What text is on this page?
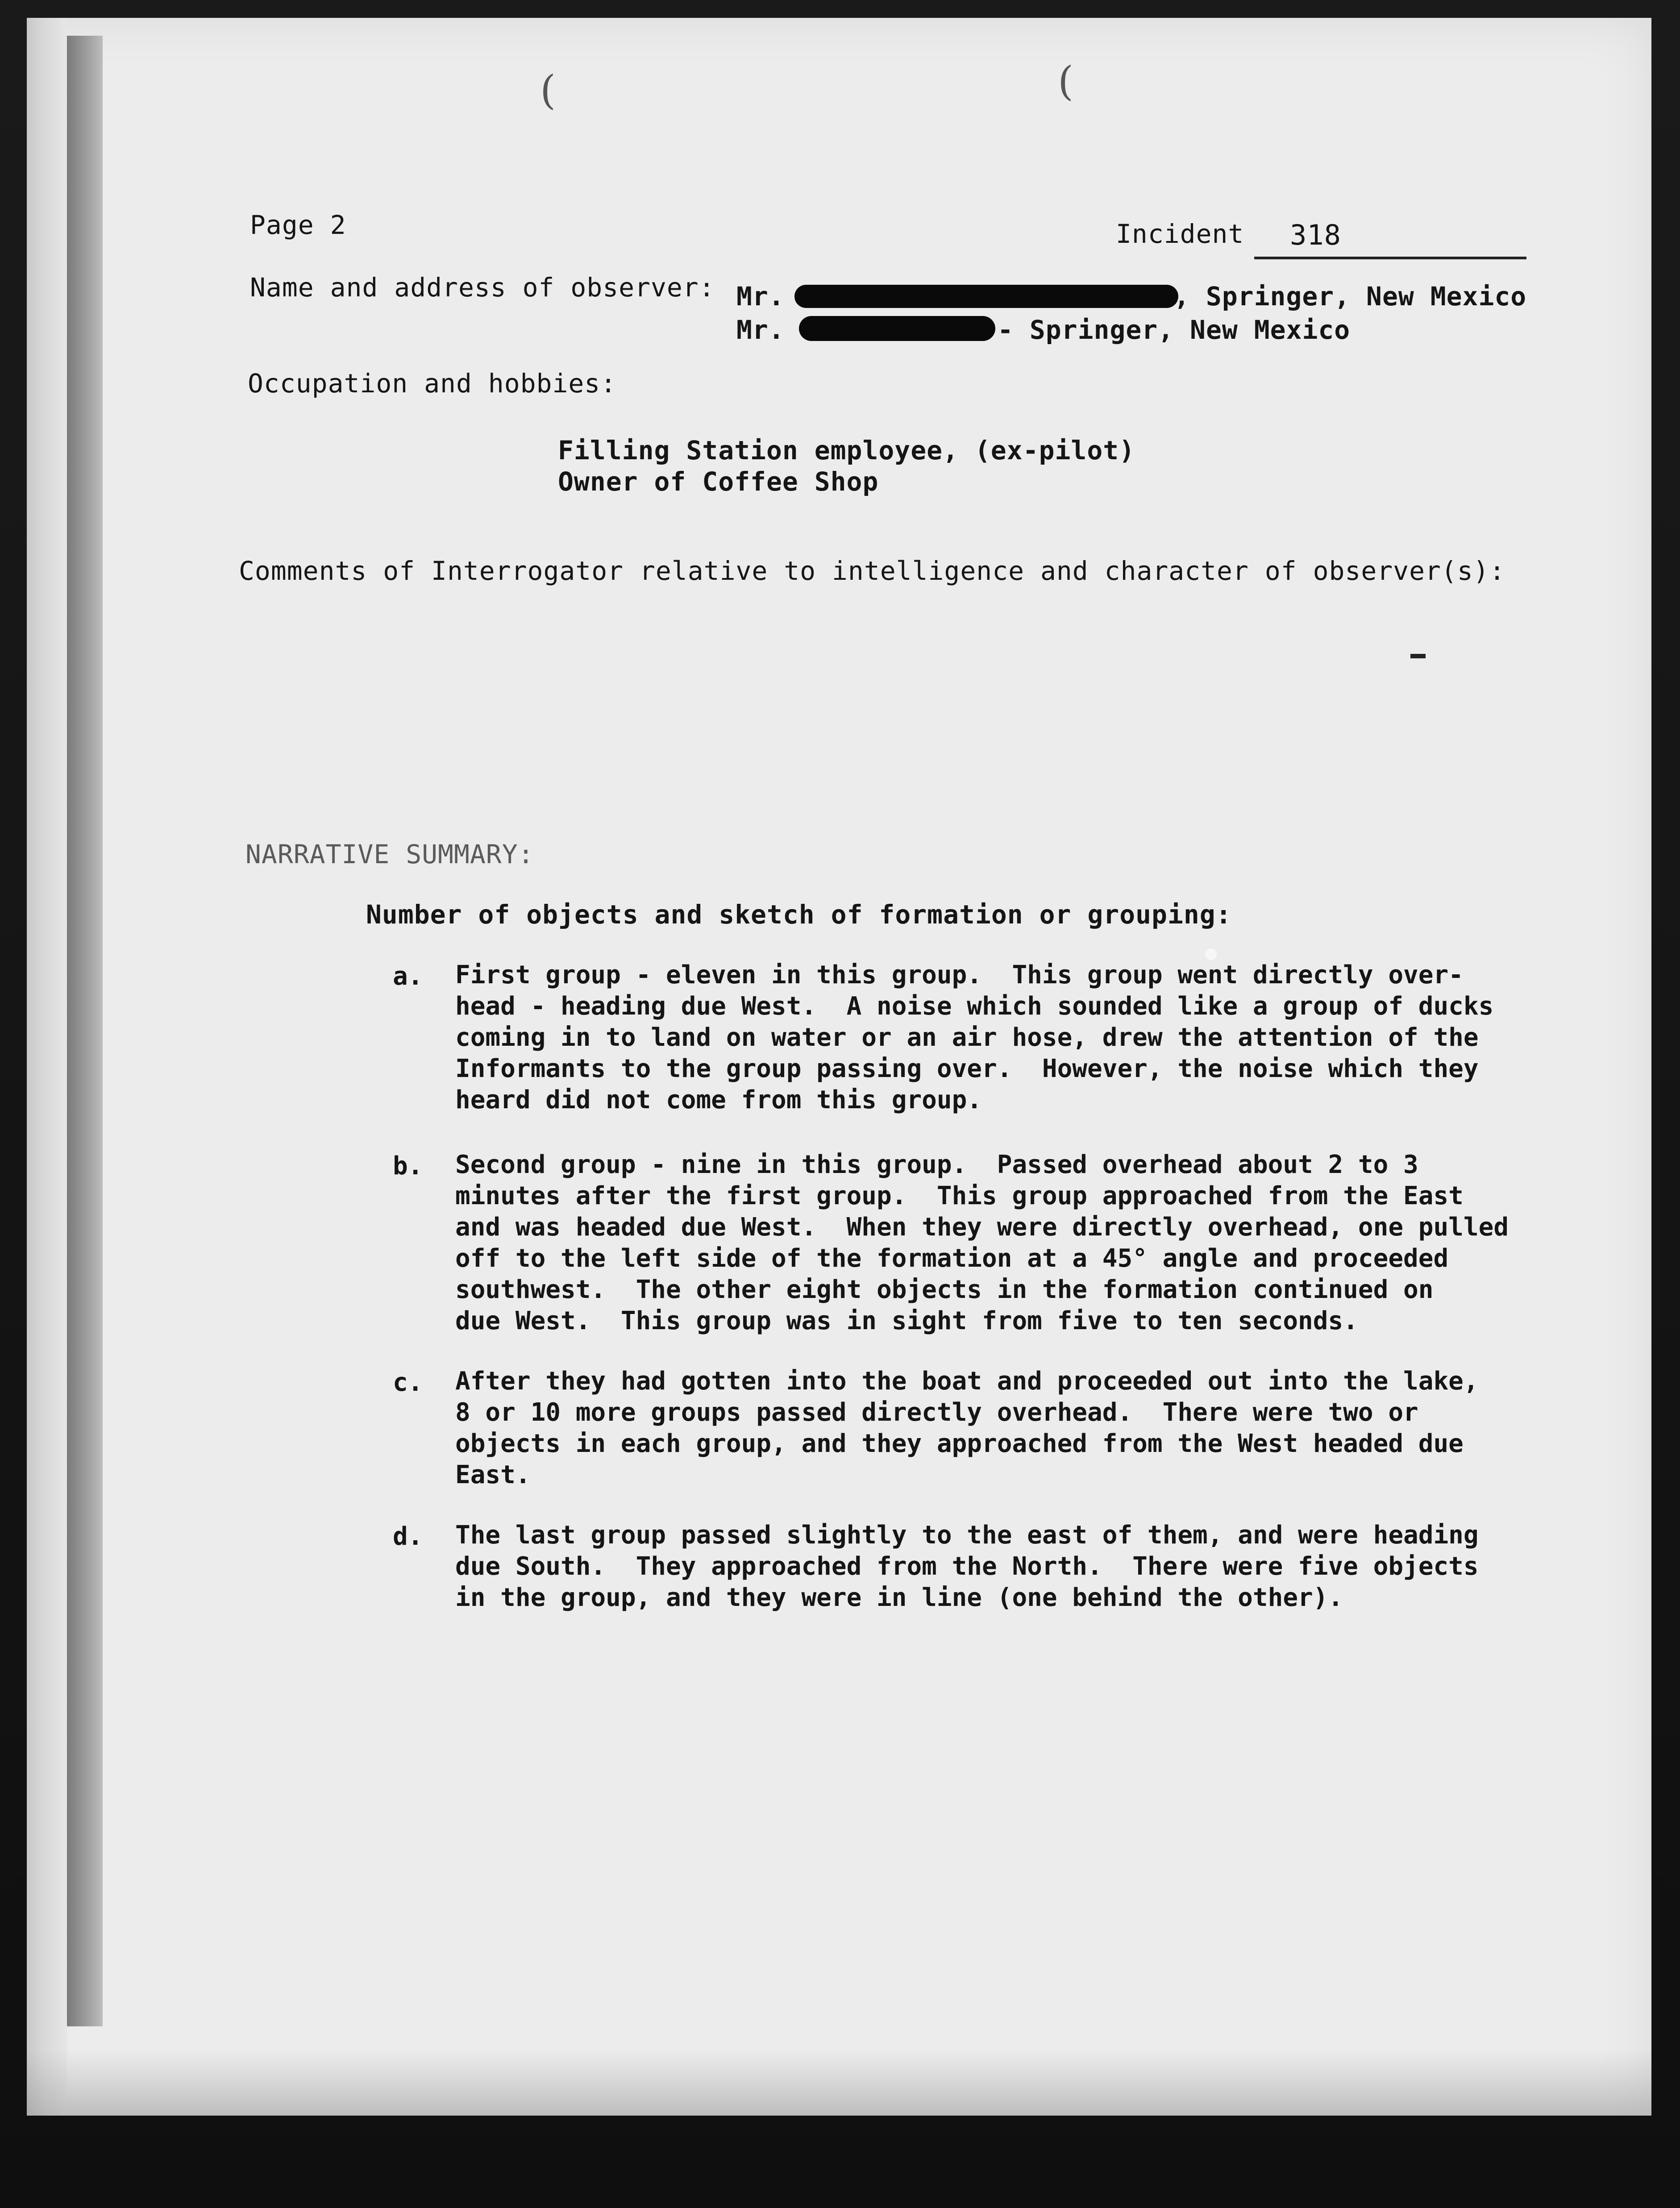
(	(
Page 2	Incident 318
Name and address of observer: Mr.	, Springer, New Mexico
Mr.	- Springer, New Mexico
Occupation and hobbies:
Filling Station employee, (ex-pilot)
Owner of Coffee Shop
Comments of Interrogator relative to intelligence and character of observer(s):
NARRATIVE SUMMARY:
Number of objects and sketch of formation or grouping:
a. First group - eleven in this group.  This group went directly over-
head - heading due West.  A noise which sounded like a group of ducks
coming in to land on water or an air hose, drew the attention of the
Informants to the group passing over.  However, the noise which they
heard did not come from this group.
b. Second group - nine in this group.  Passed overhead about 2 to 3
minutes after the first group.  This group approached from the East
and was headed due West.  When they were directly overhead, one pulled
off to the left side of the formation at a 45° angle and proceeded
southwest.  The other eight objects in the formation continued on
due West.  This group was in sight from five to ten seconds.
c. After they had gotten into the boat and proceeded out into the lake,
8 or 10 more groups passed directly overhead.  There were two or
objects in each group, and they approached from the West headed due
East.
d. The last group passed slightly to the east of them, and were heading
due South.  They approached from the North.  There were five objects
in the group, and they were in line (one behind the other).
